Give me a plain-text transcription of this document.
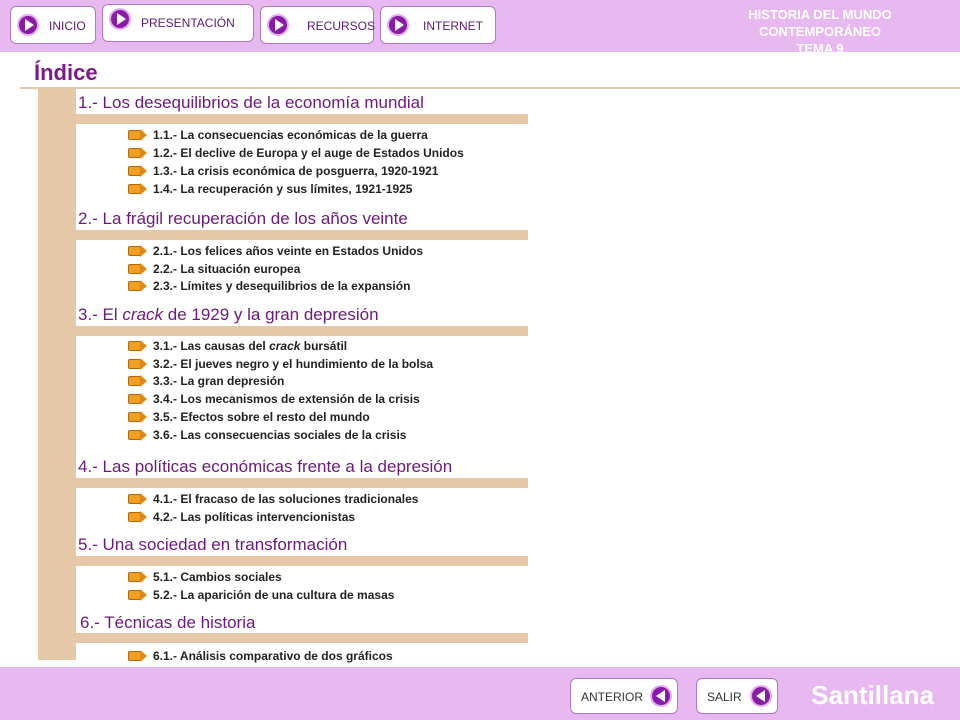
INICIO	PRESENTACIÓN	RECURSOS	INTERNET
HISTORIA DEL MUNDO CONTEMPORÁNEO
TEMA 9
Índice
1.- Los desequilibrios de la economía mundial
1.1.- La consecuencias económicas de la guerra
1.2.- El declive de Europa y el auge de Estados Unidos
1.3.- La crisis económica de posguerra, 1920-1921
1.4.- La recuperación y sus límites, 1921-1925
2.- La frágil recuperación de los años veinte
2.1.- Los felices años veinte en Estados Unidos
2.2.- La situación europea
2.3.- Límites y desequilibrios de la expansión
3.- El crack de 1929 y la gran depresión
3.1.- Las causas del crack bursátil
3.2.- El jueves negro y el hundimiento de la bolsa
3.3.- La gran depresión
3.4.- Los mecanismos de extensión de la crisis
3.5.- Efectos sobre el resto del mundo
3.6.- Las consecuencias sociales de la crisis
4.- Las políticas económicas frente a la depresión
4.1.- El fracaso de las soluciones tradicionales
4.2.- Las políticas intervencionistas
5.- Una sociedad en transformación
5.1.- Cambios sociales
5.2.- La aparición de una cultura de masas
6.- Técnicas de historia
6.1.- Análisis comparativo de dos gráficos
ANTERIOR	SALIR	Santillana
